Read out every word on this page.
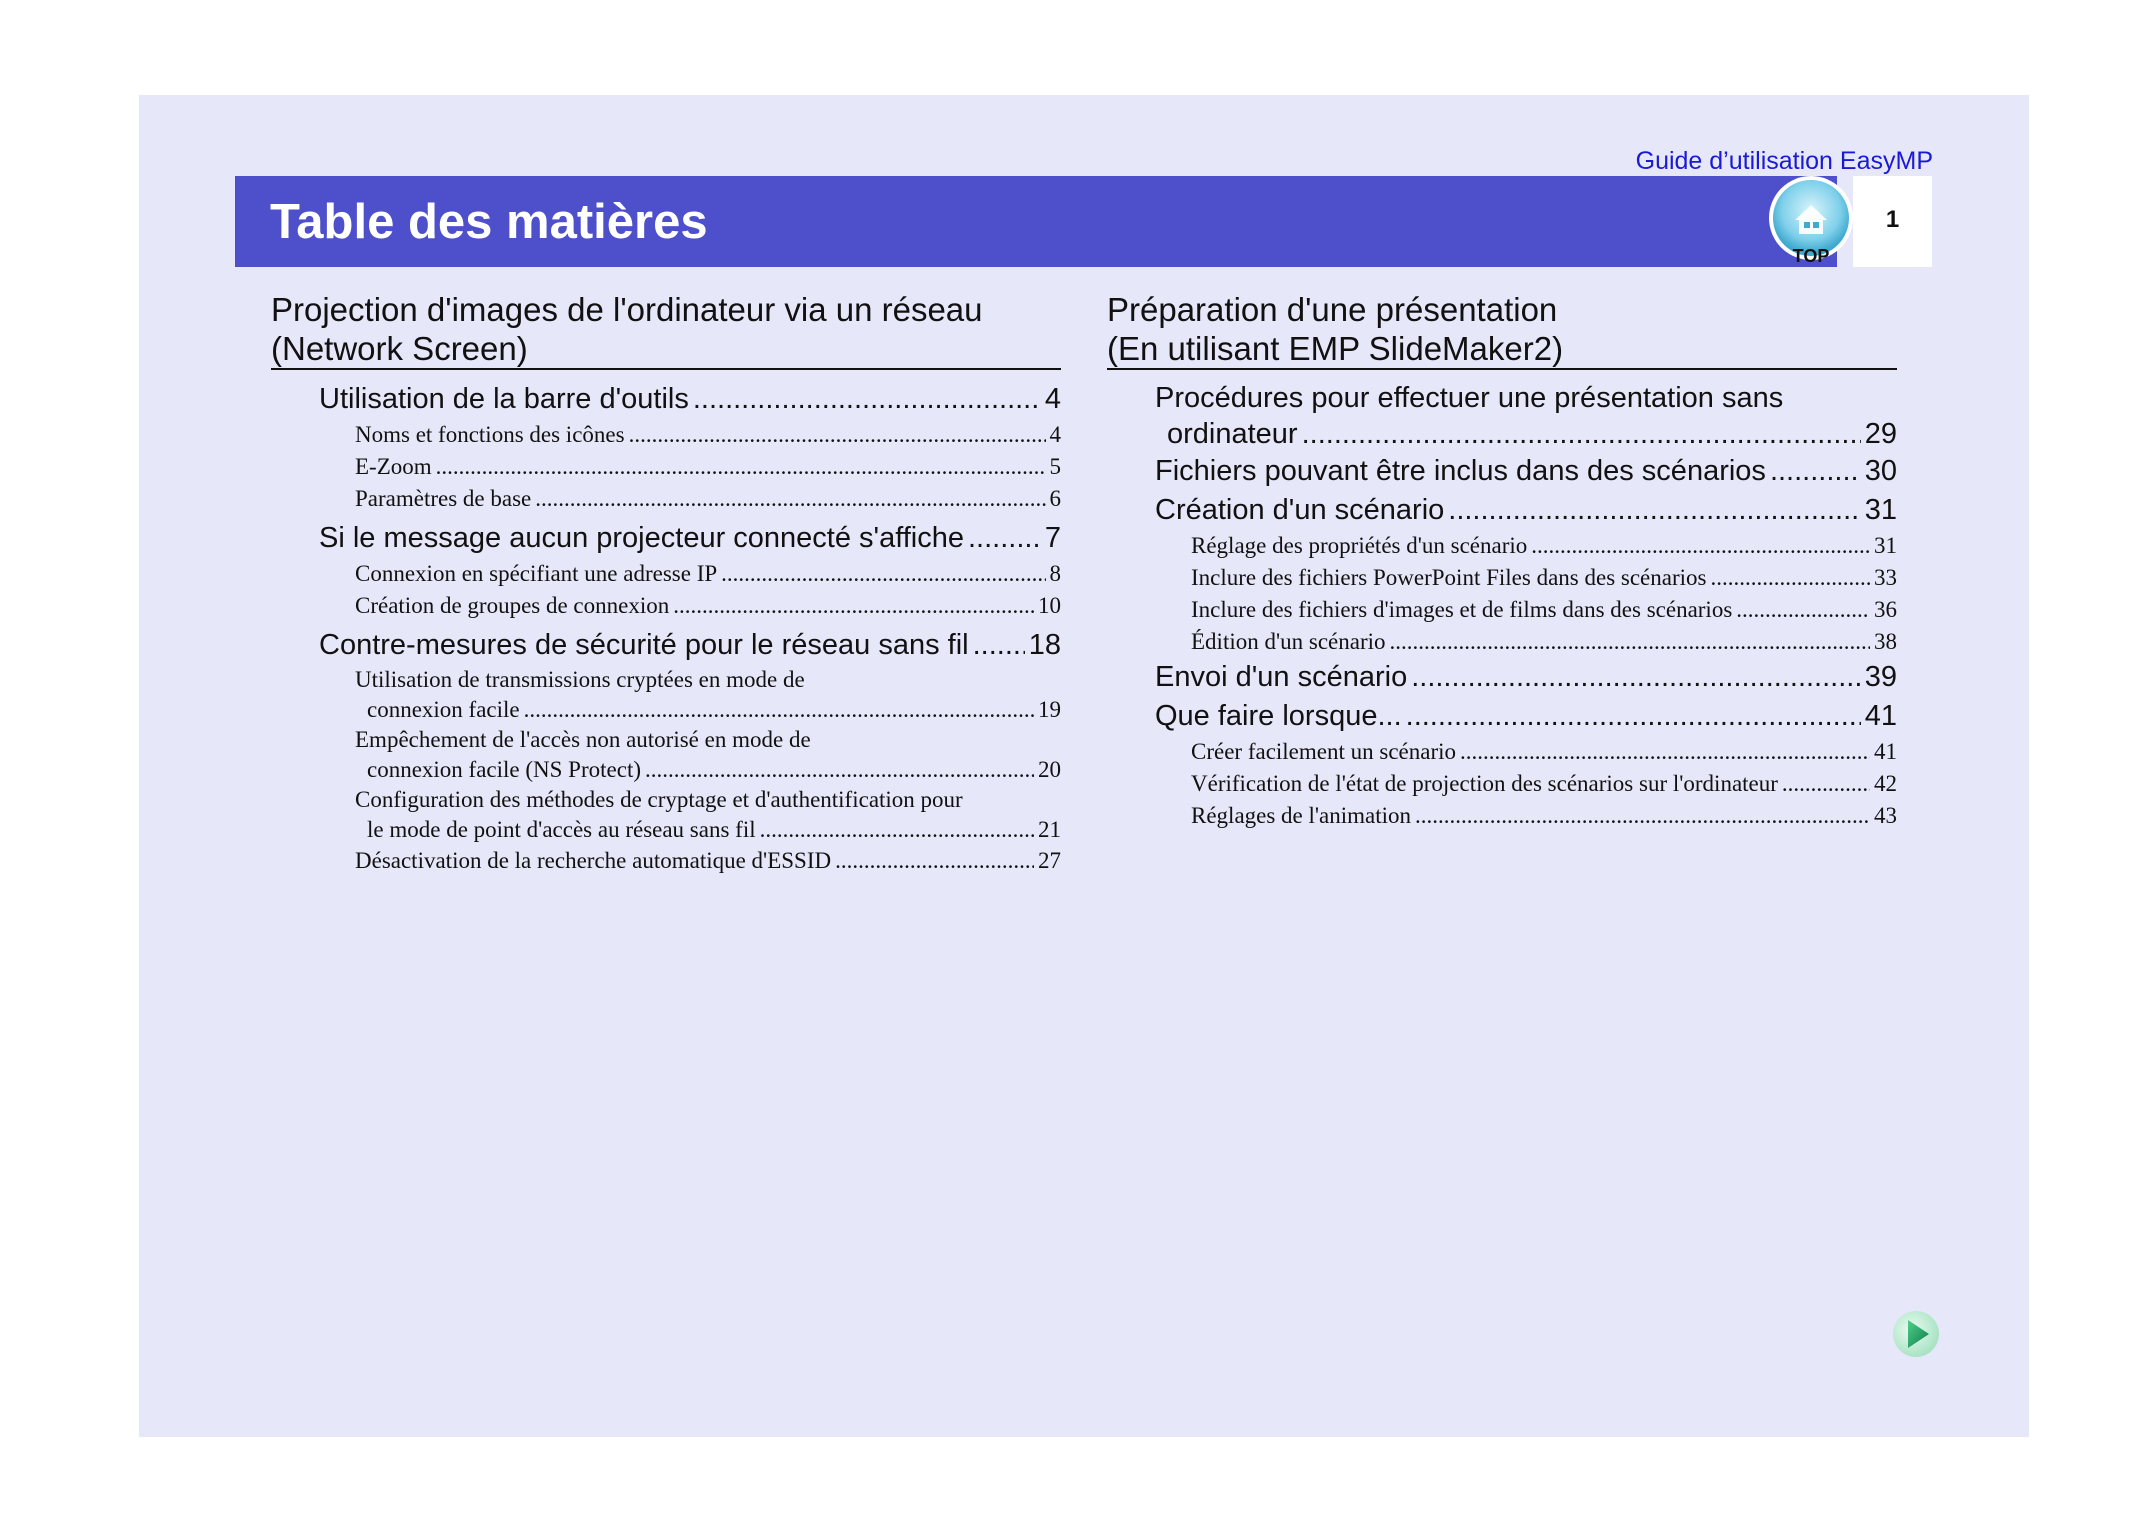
Guide d’utilisation EasyMP
Table des matières
TOP
1
Projection d'images de l'ordinateur via un réseau
(Network Screen)
Utilisation de la barre d'outils .....	4
Noms et fonctions des icônes .....	4
E-Zoom .....	5
Paramètres de base .....	6
Si le message aucun projecteur connecté s'affiche .....	7
Connexion en spécifiant une adresse IP .....	8
Création de groupes de connexion .....	10
Contre-mesures de sécurité pour le réseau sans fil ..... 18
Utilisation de transmissions cryptées en mode de
connexion facile .....	19
Empêchement de l'accès non autorisé en mode de
connexion facile (NS Protect) .....	20
Configuration des méthodes de cryptage et d'authentification pour
le mode de point d'accès au réseau sans fil .....	21
Désactivation de la recherche automatique d'ESSID .....	27
Préparation d'une présentation
(En utilisant EMP SlideMaker2)
Procédures pour effectuer une présentation sans
ordinateur .....	29
Fichiers pouvant être inclus dans des scénarios .....	30
Création d'un scénario .....	31
Réglage des propriétés d'un scénario .....	31
Inclure des fichiers PowerPoint Files dans des scénarios .....	33
Inclure des fichiers d'images et de films dans des scénarios .....	36
Édition d'un scénario .....	38
Envoi d'un scénario .....	39
Que faire lorsque... .....	41
Créer facilement un scénario .....	41
Vérification de l'état de projection des scénarios sur l'ordinateur .....	42
Réglages de l'animation .....	43
